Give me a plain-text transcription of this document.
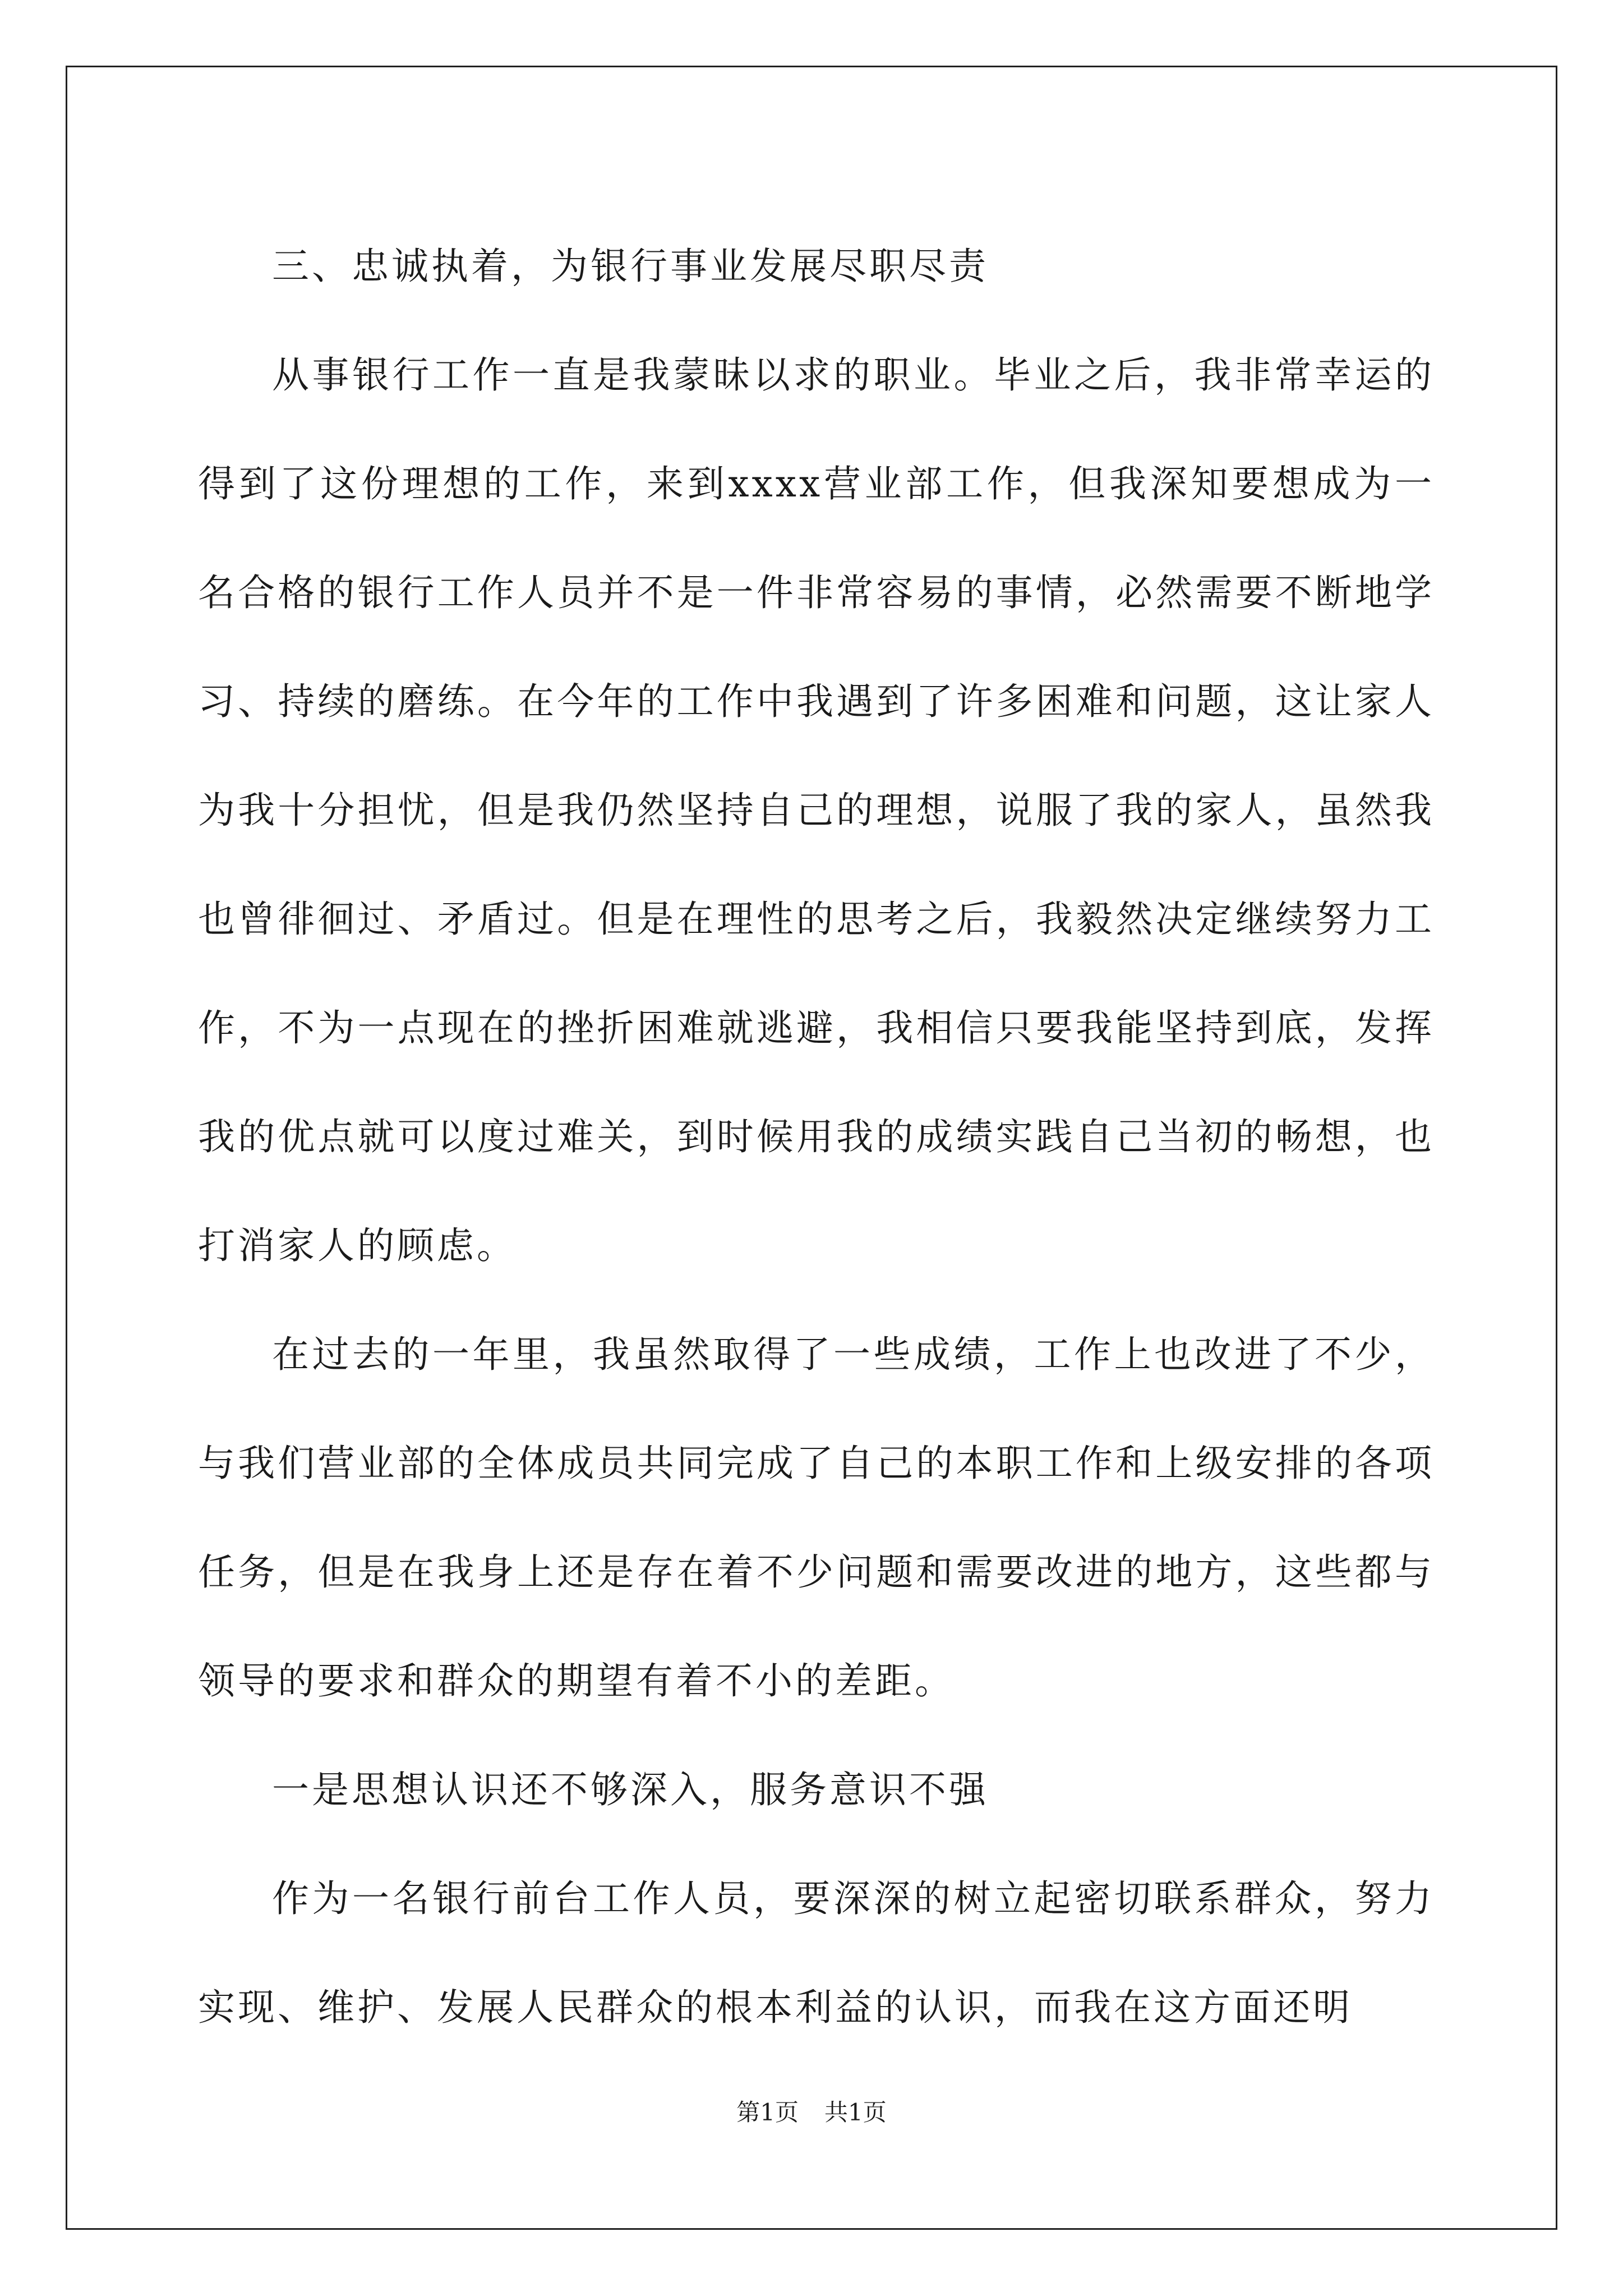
三、忠诚执着，为银行事业发展尽职尽责

从事银行工作一直是我蒙昧以求的职业。毕业之后，我非常幸运的得到了这份理想的工作，来到xxxx营业部工作，但我深知要想成为一名合格的银行工作人员并不是一件非常容易的事情，必然需要不断地学习、持续的磨练。在今年的工作中我遇到了许多困难和问题，这让家人为我十分担忧，但是我仍然坚持自己的理想，说服了我的家人，虽然我也曾徘徊过、矛盾过。但是在理性的思考之后，我毅然决定继续努力工作，不为一点现在的挫折困难就逃避，我相信只要我能坚持到底，发挥我的优点就可以度过难关，到时候用我的成绩实践自己当初的畅想，也打消家人的顾虑。

在过去的一年里，我虽然取得了一些成绩，工作上也改进了不少，与我们营业部的全体成员共同完成了自己的本职工作和上级安排的各项任务，但是在我身上还是存在着不少问题和需要改进的地方，这些都与领导的要求和群众的期望有着不小的差距。

一是思想认识还不够深入，服务意识不强

作为一名银行前台工作人员，要深深的树立起密切联系群众，努力实现、维护、发展人民群众的根本利益的认识，而我在这方面还明

第1页 共1页
